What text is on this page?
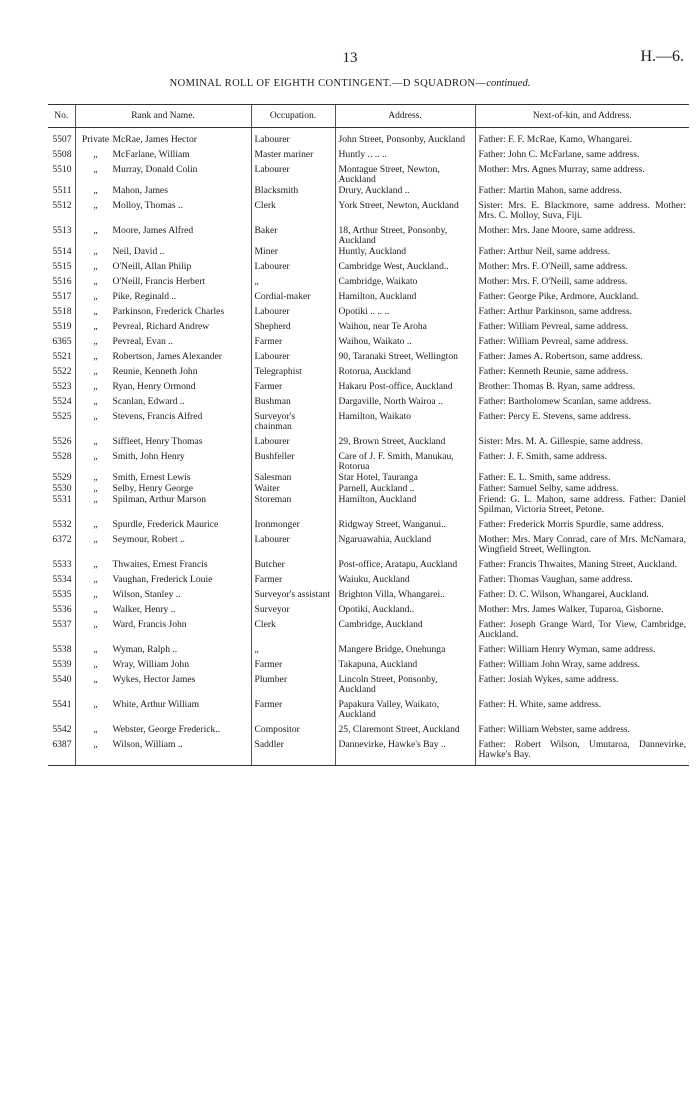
13	H.—6.
NOMINAL ROLL OF EIGHTH CONTINGENT.—D SQUADRON—continued.
No.	Rank and Name.	Occupation.	Address.	Next-of-kin, and Address.
5507	Private McRae, James Hector	Labourer	John Street, Ponsonby, Auckland	Father: F. F. McRae, Kamo, Whangarei.
5508	„ McFarlane, William	Master mariner	Huntly .. .. ..	Father: John C. McFarlane, same address.
5510	„ Murray, Donald Colin	Labourer	Montague Street, Newton, Auckland	Mother: Mrs. Agnes Murray, same address.
5511	„ Mahon, James	Blacksmith	Drury, Auckland ..	Father: Martin Mahon, same address.
5512	„ Molloy, Thomas ..	Clerk	York Street, Newton, Auckland	Sister: Mrs. E. Blackmore, same address. Mother: Mrs. C. Molloy, Suva, Fiji.
5513	„ Moore, James Alfred	Baker	18, Arthur Street, Ponsonby, Auckland	Mother: Mrs. Jane Moore, same address.
5514	„ Neil, David ..	Miner	Huntly, Auckland	Father: Arthur Neil, same address.
5515	„ O'Neill, Allan Philip	Labourer	Cambridge West, Auckland..	Mother: Mrs. F. O'Neill, same address.
5516	„ O'Neill, Francis Herbert	„	Cambridge, Waikato	Mother: Mrs. F. O'Neill, same address.
5517	„ Pike, Reginald ..	Cordial-maker	Hamilton, Auckland	Father: George Pike, Ardmore, Auckland.
5518	„ Parkinson, Frederick Charles	Labourer	Opotiki .. .. ..	Father: Arthur Parkinson, same address.
5519	„ Pevreal, Richard Andrew	Shepherd	Waihou, near Te Aroha	Father: William Pevreal, same address.
6365	„ Pevreal, Evan ..	Farmer	Waihou, Waikato ..	Father: William Pevreal, same address.
5521	„ Robertson, James Alexander	Labourer	90, Taranaki Street, Wellington	Father: James A. Robertson, same address.
5522	„ Reunie, Kenneth John	Telegraphist	Rotorua, Auckland	Father: Kenneth Reunie, same address.
5523	„ Ryan, Henry Ormond	Farmer	Hakaru Post-office, Auckland	Brother: Thomas B. Ryan, same address.
5524	„ Scanlan, Edward ..	Bushman	Dargaville, North Wairoa ..	Father: Bartholomew Scanlan, same address.
5525	„ Stevens, Francis Alfred	Surveyor's chainman	Hamilton, Waikato	Father: Percy E. Stevens, same address.
5526	„ Siffleet, Henry Thomas	Labourer	29, Brown Street, Auckland	Sister: Mrs. M. A. Gillespie, same address.
5528	„ Smith, John Henry	Bushfeller	Care of J. F. Smith, Manukau, Rotorua	Father: J. F. Smith, same address.
5529	„ Smith, Ernest Lewis	Salesman	Star Hotel, Tauranga	Father: E. L. Smith, same address.
5530	„ Selby, Henry George	Waiter	Parnell, Auckland ..	Father: Samuel Selby, same address.
5531	„ Spilman, Arthur Marson	Storeman	Hamilton, Auckland	Friend: G. L. Mahon, same address. Father: Daniel Spilman, Victoria Street, Petone.
5532	„ Spurdle, Frederick Maurice	Ironmonger	Ridgway Street, Wanganui..	Father: Frederick Morris Spurdle, same address.
6372	„ Seymour, Robert ..	Labourer	Ngaruawahia, Auckland	Mother: Mrs. Mary Conrad, care of Mrs. McNamara, Wingfield Street, Wellington.
5533	„ Thwaites, Ernest Francis	Butcher	Post-office, Aratapu, Auckland	Father: Francis Thwaites, Maning Street, Auckland.
5534	„ Vaughan, Frederick Louie	Farmer	Waiuku, Auckland	Father: Thomas Vaughan, same address.
5535	„ Wilson, Stanley ..	Surveyor's assistant	Brighton Villa, Whangarei..	Father: D. C. Wilson, Whangarei, Auckland.
5536	„ Walker, Henry ..	Surveyor	Opotiki, Auckland..	Mother: Mrs. James Walker, Tuparoa, Gisborne.
5537	„ Ward, Francis John	Clerk	Cambridge, Auckland	Father: Joseph Grange Ward, Tor View, Cambridge, Auckland.
5538	„ Wyman, Ralph ..	„	Mangere Bridge, Onehunga	Father: William Henry Wyman, same address.
5539	„ Wray, William John	Farmer	Takapuna, Auckland	Father: William John Wray, same address.
5540	„ Wykes, Hector James	Plumber	Lincoln Street, Ponsonby, Auckland	Father: Josiah Wykes, same address.
5541	„ White, Arthur William	Farmer	Papakura Valley, Waikato, Auckland	Father: H. White, same address.
5542	„ Webster, George Frederick..	Compositor	25, Claremont Street, Auckland	Father: William Webster, same address.
6387	„ Wilson, William ..	Saddler	Dannevirke, Hawke's Bay ..	Father: Robert Wilson, Umutaroa, Dannevirke, Hawke's Bay.
